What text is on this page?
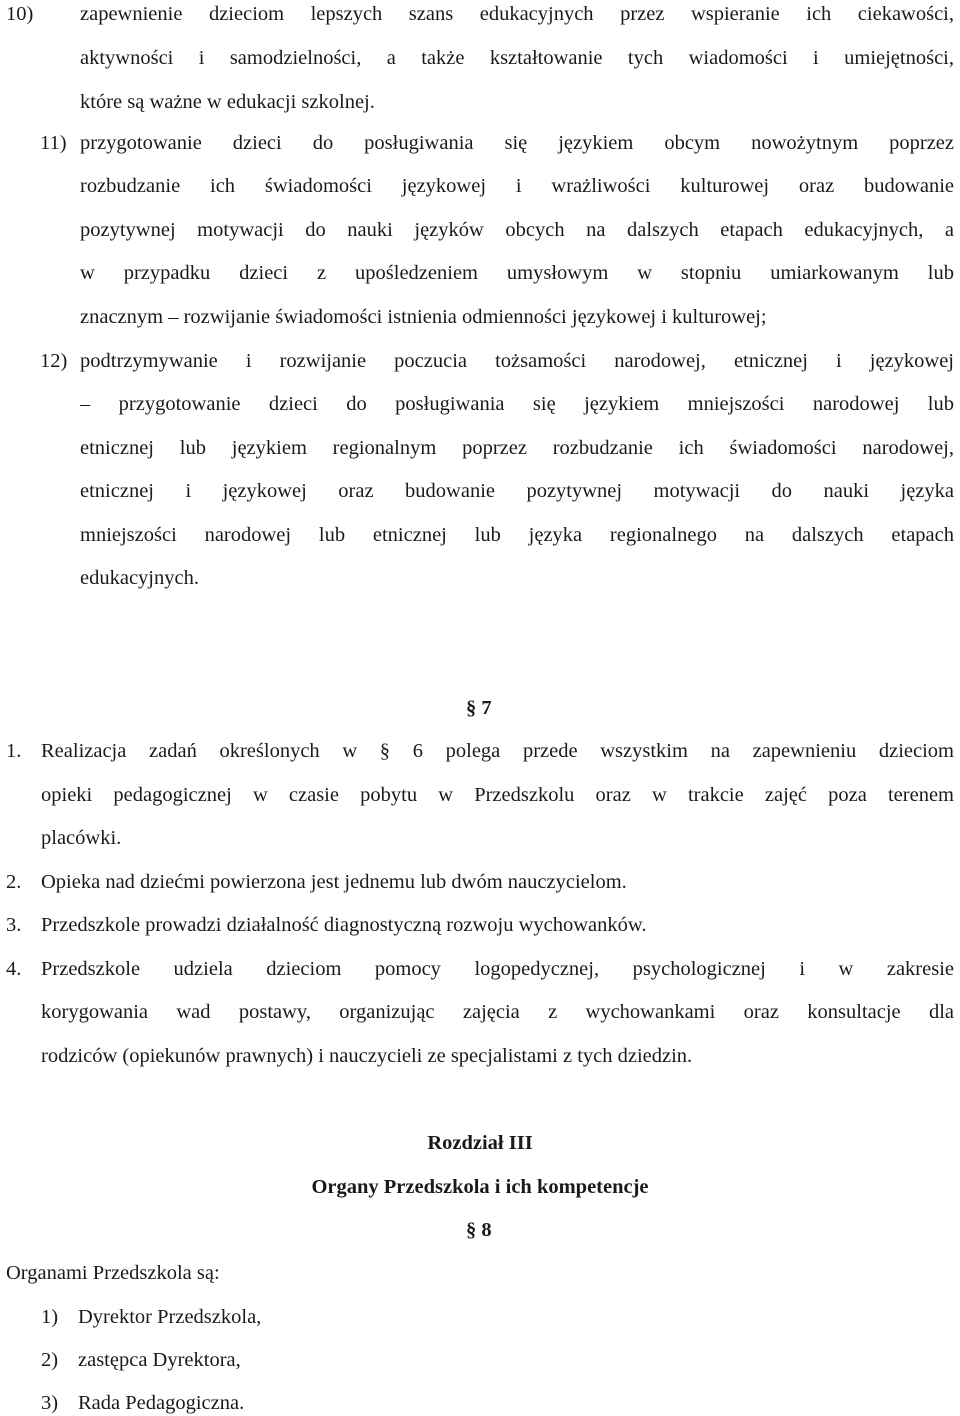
10) zapewnienie dzieciom lepszych szans edukacyjnych przez wspieranie ich ciekawości,
aktywności i samodzielności, a także kształtowanie tych wiadomości i umiejętności,
które są ważne w edukacji szkolnej.
11) przygotowanie dzieci do posługiwania się językiem obcym nowożytnym poprzez
rozbudzanie ich świadomości językowej i wrażliwości kulturowej oraz budowanie
pozytywnej motywacji do nauki języków obcych na dalszych etapach edukacyjnych, a
w przypadku dzieci z upośledzeniem umysłowym w stopniu umiarkowanym lub
znacznym – rozwijanie świadomości istnienia odmienności językowej i kulturowej;
12) podtrzymywanie i rozwijanie poczucia tożsamości narodowej, etnicznej i językowej
– przygotowanie dzieci do posługiwania się językiem mniejszości narodowej lub
etnicznej lub językiem regionalnym poprzez rozbudzanie ich świadomości narodowej,
etnicznej i językowej oraz budowanie pozytywnej motywacji do nauki języka
mniejszości narodowej lub etnicznej lub języka regionalnego na dalszych etapach
edukacyjnych.
§ 7
1. Realizacja zadań określonych w § 6 polega przede wszystkim na zapewnieniu dzieciom
opieki pedagogicznej w czasie pobytu w Przedszkolu oraz w trakcie zajęć poza terenem
placówki.
2. Opieka nad dziećmi powierzona jest jednemu lub dwóm nauczycielom.
3. Przedszkole prowadzi działalność diagnostyczną rozwoju wychowanków.
4. Przedszkole udziela dzieciom pomocy logopedycznej, psychologicznej i w zakresie
korygowania wad postawy, organizując zajęcia z wychowankami oraz konsultacje dla
rodziców (opiekunów prawnych) i nauczycieli ze specjalistami z tych dziedzin.
Rozdział III
Organy Przedszkola i ich kompetencje
§ 8
Organami Przedszkola są:
1) Dyrektor Przedszkola,
2) zastępca Dyrektora,
3) Rada Pedagogiczna.
